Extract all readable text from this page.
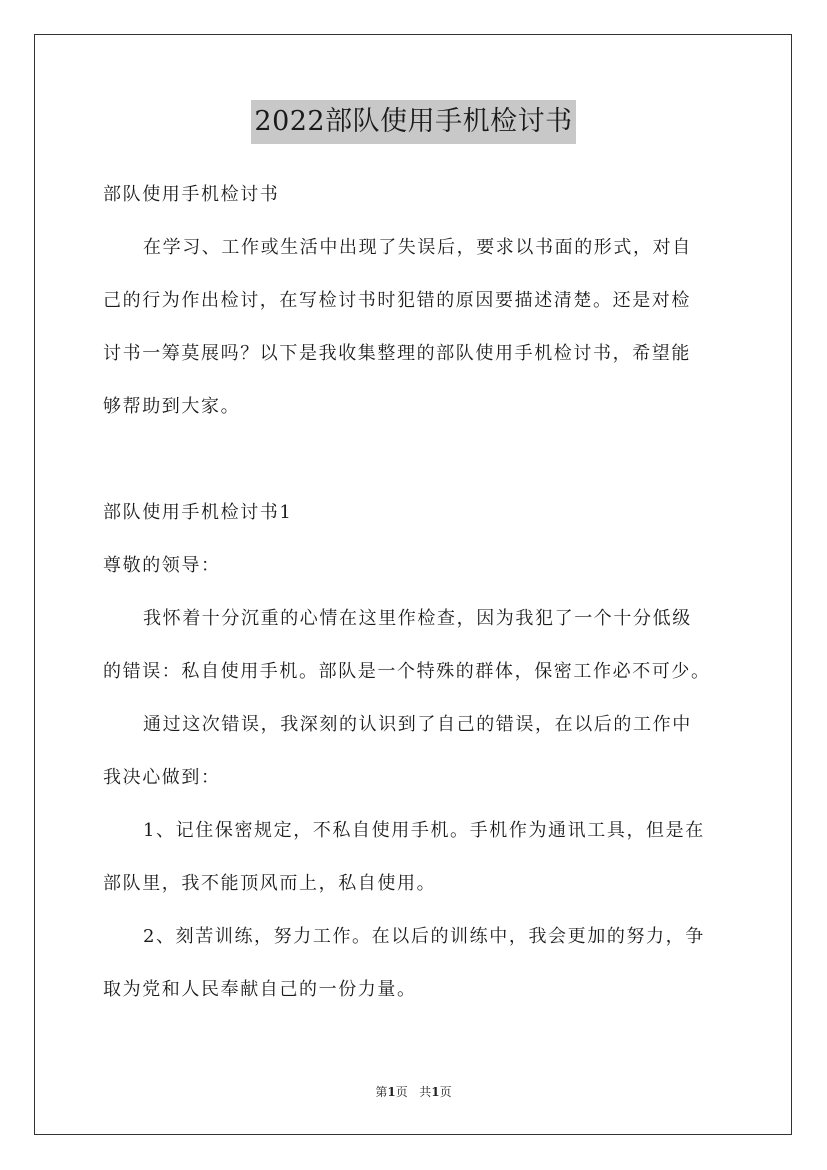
2022部队使用手机检讨书
部队使用手机检讨书
在学习、工作或生活中出现了失误后，要求以书面的形式，对自
己的行为作出检讨，在写检讨书时犯错的原因要描述清楚。还是对检
讨书一筹莫展吗？以下是我收集整理的部队使用手机检讨书，希望能
够帮助到大家。
部队使用手机检讨书1
尊敬的领导：
我怀着十分沉重的心情在这里作检查，因为我犯了一个十分低级
的错误：私自使用手机。部队是一个特殊的群体，保密工作必不可少。
通过这次错误，我深刻的认识到了自己的错误，在以后的工作中
我决心做到：
1、记住保密规定，不私自使用手机。手机作为通讯工具，但是在
部队里，我不能顶风而上，私自使用。
2、刻苦训练，努力工作。在以后的训练中，我会更加的努力，争
取为党和人民奉献自己的一份力量。
第1页 共1页
